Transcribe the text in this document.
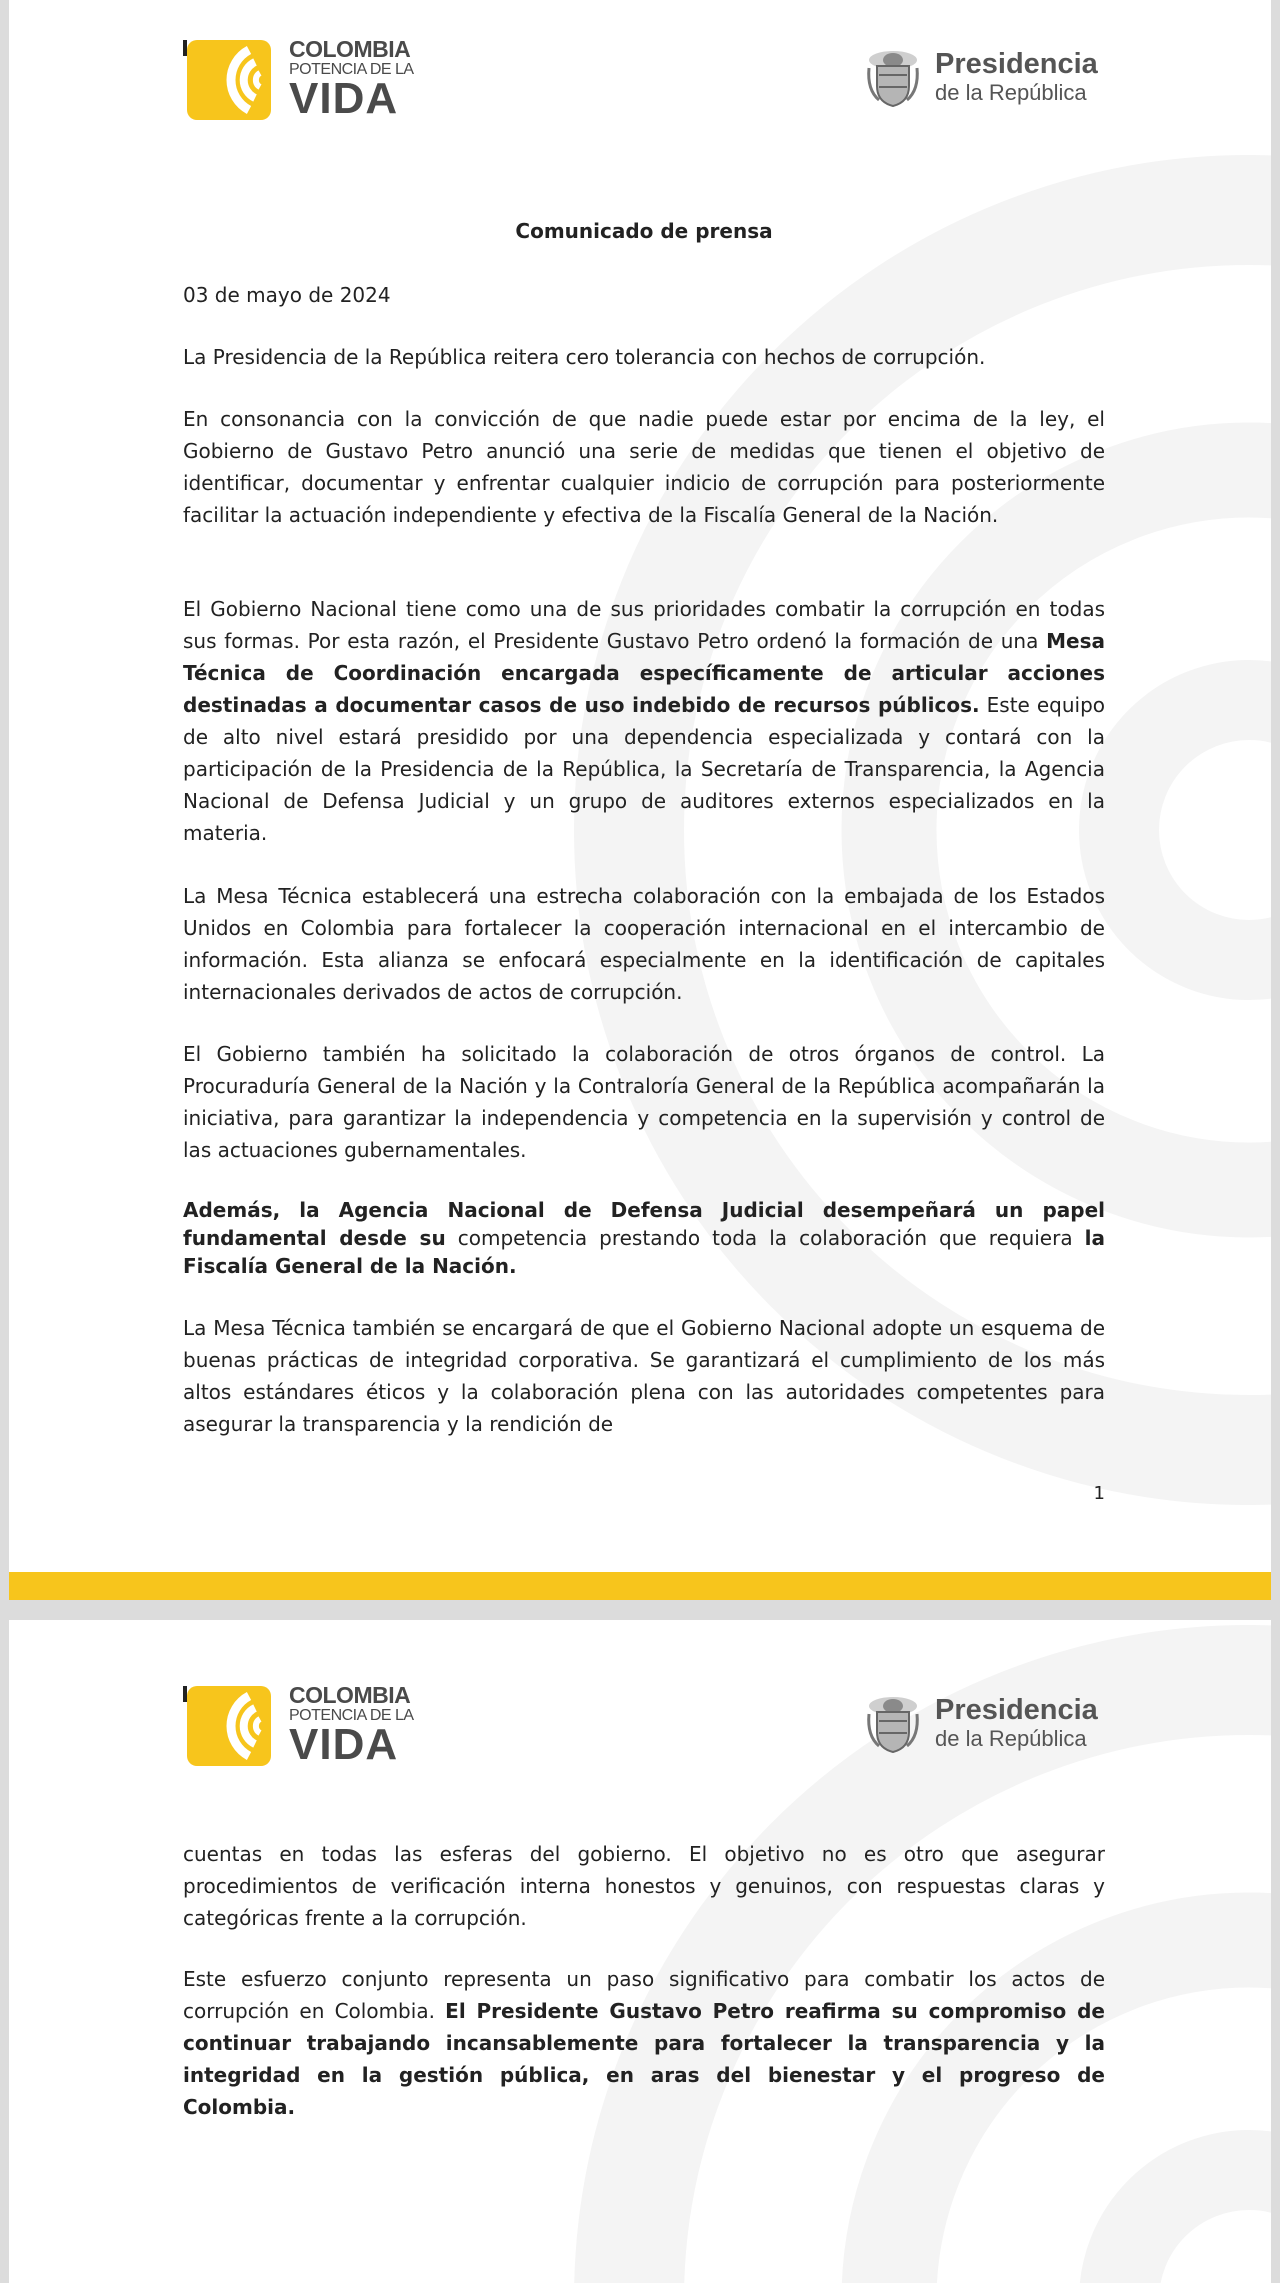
COLOMBIA
POTENCIA DE LA
VIDA
Presidencia
de la República

Comunicado de prensa

03 de mayo de 2024

La Presidencia de la República reitera cero tolerancia con hechos de corrupción.

En consonancia con la convicción de que nadie puede estar por encima de la ley, el Gobierno de Gustavo Petro anunció una serie de medidas que tienen el objetivo de identificar, documentar y enfrentar cualquier indicio de corrupción para posteriormente facilitar la actuación independiente y efectiva de la Fiscalía General de la Nación.

El Gobierno Nacional tiene como una de sus prioridades combatir la corrupción en todas sus formas. Por esta razón, el Presidente Gustavo Petro ordenó la formación de una Mesa Técnica de Coordinación encargada específicamente de articular acciones destinadas a documentar casos de uso indebido de recursos públicos. Este equipo de alto nivel estará presidido por una dependencia especializada y contará con la participación de la Presidencia de la República, la Secretaría de Transparencia, la Agencia Nacional de Defensa Judicial y un grupo de auditores externos especializados en la materia.

La Mesa Técnica establecerá una estrecha colaboración con la embajada de los Estados Unidos en Colombia para fortalecer la cooperación internacional en el intercambio de información. Esta alianza se enfocará especialmente en la identificación de capitales internacionales derivados de actos de corrupción.

El Gobierno también ha solicitado la colaboración de otros órganos de control. La Procuraduría General de la Nación y la Contraloría General de la República acompañarán la iniciativa, para garantizar la independencia y competencia en la supervisión y control de las actuaciones gubernamentales.

Además, la Agencia Nacional de Defensa Judicial desempeñará un papel fundamental desde su competencia prestando toda la colaboración que requiera la Fiscalía General de la Nación.

La Mesa Técnica también se encargará de que el Gobierno Nacional adopte un esquema de buenas prácticas de integridad corporativa. Se garantizará el cumplimiento de los más altos estándares éticos y la colaboración plena con las autoridades competentes para asegurar la transparencia y la rendición de

1
COLOMBIA
POTENCIA DE LA
VIDA
Presidencia
de la República

cuentas en todas las esferas del gobierno. El objetivo no es otro que asegurar procedimientos de verificación interna honestos y genuinos, con respuestas claras y categóricas frente a la corrupción.

Este esfuerzo conjunto representa un paso significativo para combatir los actos de corrupción en Colombia. El Presidente Gustavo Petro reafirma su compromiso de continuar trabajando incansablemente para fortalecer la transparencia y la integridad en la gestión pública, en aras del bienestar y el progreso de Colombia.
